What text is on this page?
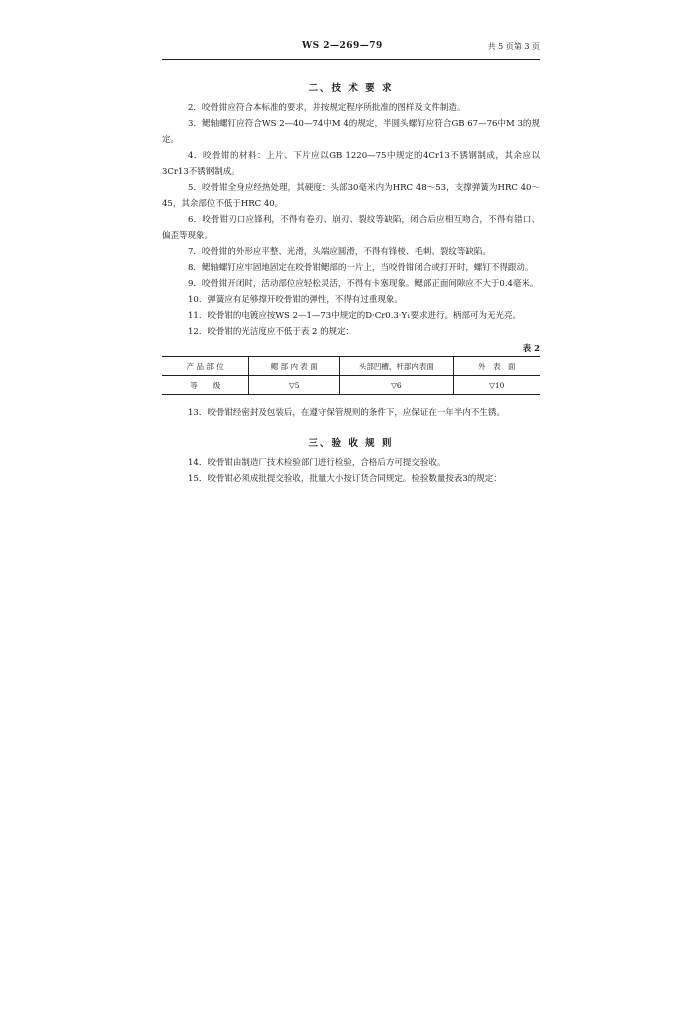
WS 2—269—79	共 5 页第 3 页
二、技 术 要 求

2．咬骨钳应符合本标准的要求，并按规定程序所批准的图样及文件制造。

3．鳃轴螺钉应符合WS 2—40—74中M 4的规定，半圆头螺钉应符合GB 67—76中M 3的规定。

4．咬骨钳的材料：上片、下片应以GB 1220—75中规定的4Cr13不锈钢制成，其余应以3Cr13不锈钢制成。

5．咬骨钳全身应经热处理，其硬度：头部30毫米内为HRC 48～53，支撑弹簧为HRC 40～45，其余部位不低于HRC 40。

6．咬骨钳刃口应锋利，不得有卷刃、崩刃、裂纹等缺陷，闭合后应相互吻合，不得有错口、偏歪等现象。

7．咬骨钳的外形应平整、光滑，头端应圆滑，不得有锋棱、毛刺、裂纹等缺陷。

8．鳃轴螺钉应牢固地固定在咬骨钳鳃部的一片上，当咬骨钳闭合或打开时，螺钉不得跟动。

9．咬骨钳开闭时，活动部位应轻松灵活，不得有卡塞现象。鳃部正面间隙应不大于0.4毫米。

10．弹簧应有足够撑开咬骨钳的弹性，不得有过重现象。

11．咬骨钳的电镀应按WS 2—1—73中规定的D·Cr0.3·Y₁要求进行。柄部可为无光亮。

12．咬骨钳的光洁度应不低于表 2 的规定：

表 2
产 品 部 位	鳃 部 内 表 面	头部凹槽、杆部内表面	外　表　面
等　　级	▽5	▽6	▽10

13．咬骨钳经密封及包装后，在遵守保管规则的条件下，应保证在一年半内不生锈。

三、验 收 规 则

14．咬骨钳由制造厂技术检验部门进行检验，合格后方可提交验收。

15．咬骨钳必须成批提交验收，批量大小按订货合同规定。检验数量按表3的规定：
